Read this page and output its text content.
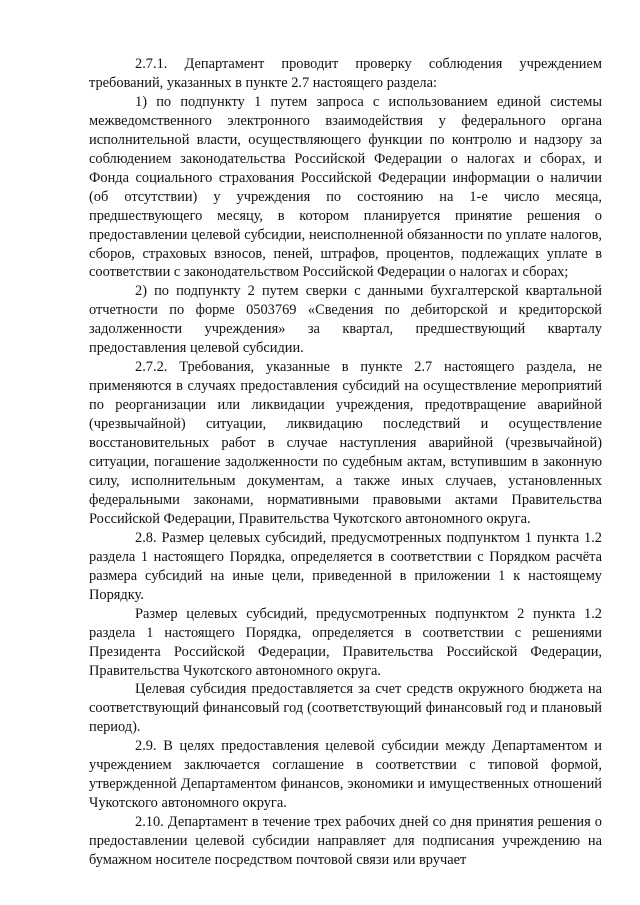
2.7.1. Департамент проводит проверку соблюдения учреждением требований, указанных в пункте 2.7 настоящего раздела:

1) по подпункту 1 путем запроса с использованием единой системы межведомственного электронного взаимодействия у федерального органа исполнительной власти, осуществляющего функции по контролю и надзору за соблюдением законодательства Российской Федерации о налогах и сборах, и Фонда социального страхования Российской Федерации информации о наличии (об отсутствии) у учреждения по состоянию на 1-е число месяца, предшествующего месяцу, в котором планируется принятие решения о предоставлении целевой субсидии, неисполненной обязанности по уплате налогов, сборов, страховых взносов, пеней, штрафов, процентов, подлежащих уплате в соответствии с законодательством Российской Федерации о налогах и сборах;

2) по подпункту 2 путем сверки с данными бухгалтерской квартальной отчетности по форме 0503769 «Сведения по дебиторской и кредиторской задолженности учреждения» за квартал, предшествующий кварталу предоставления целевой субсидии.

2.7.2. Требования, указанные в пункте 2.7 настоящего раздела, не применяются в случаях предоставления субсидий на осуществление мероприятий по реорганизации или ликвидации учреждения, предотвращение аварийной (чрезвычайной) ситуации, ликвидацию последствий и осуществление восстановительных работ в случае наступления аварийной (чрезвычайной) ситуации, погашение задолженности по судебным актам, вступившим в законную силу, исполнительным документам, а также иных случаев, установленных федеральными законами, нормативными правовыми актами Правительства Российской Федерации, Правительства Чукотского автономного округа.

2.8. Размер целевых субсидий, предусмотренных подпунктом 1 пункта 1.2 раздела 1 настоящего Порядка, определяется в соответствии с Порядком расчёта размера субсидий на иные цели, приведенной в приложении 1 к настоящему Порядку.

Размер целевых субсидий, предусмотренных подпунктом 2 пункта 1.2 раздела 1 настоящего Порядка, определяется в соответствии с решениями Президента Российской Федерации, Правительства Российской Федерации, Правительства Чукотского автономного округа.

Целевая субсидия предоставляется за счет средств окружного бюджета на соответствующий финансовый год (соответствующий финансовый год и плановый период).

2.9. В целях предоставления целевой субсидии между Департаментом и учреждением заключается соглашение в соответствии с типовой формой, утвержденной Департаментом финансов, экономики и имущественных отношений Чукотского автономного округа.

2.10. Департамент в течение трех рабочих дней со дня принятия решения о предоставлении целевой субсидии направляет для подписания учреждению на бумажном носителе посредством почтовой связи или вручает
